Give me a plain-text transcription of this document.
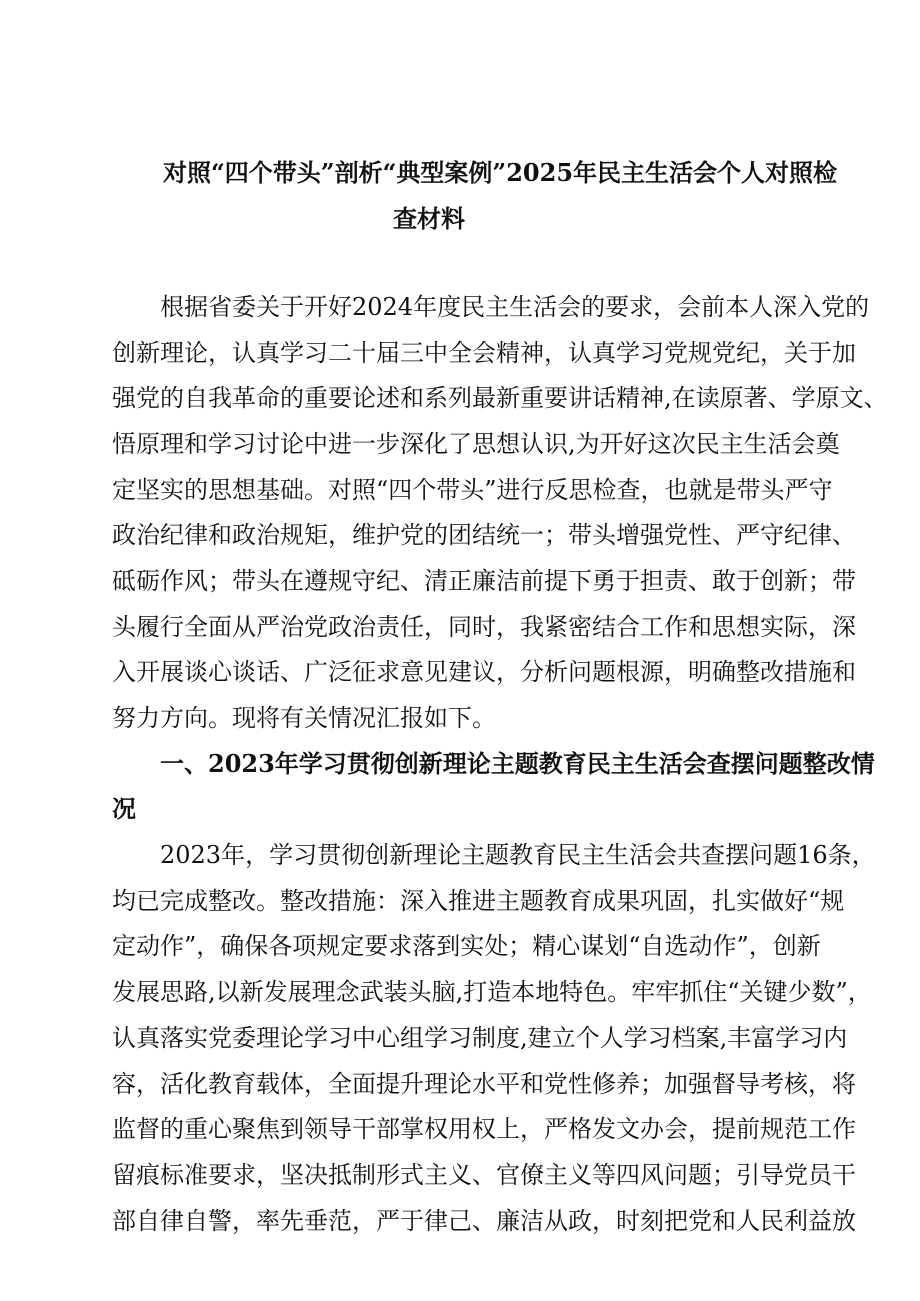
对照“四个带头”剖析“典型案例”2025年民主生活会个人对照检
查材料
根据省委关于开好2024年度民主生活会的要求，会前本人深入党的
创新理论，认真学习二十届三中全会精神，认真学习党规党纪，关于加
强党的自我革命的重要论述和系列最新重要讲话精神,在读原著、学原文、
悟原理和学习讨论中进一步深化了思想认识,为开好这次民主生活会奠
定坚实的思想基础。对照“四个带头”进行反思检查，也就是带头严守
政治纪律和政治规矩，维护党的团结统一；带头增强党性、严守纪律、
砥砺作风；带头在遵规守纪、清正廉洁前提下勇于担责、敢于创新；带
头履行全面从严治党政治责任，同时，我紧密结合工作和思想实际，深
入开展谈心谈话、广泛征求意见建议，分析问题根源，明确整改措施和
努力方向。现将有关情况汇报如下。
一、2023年学习贯彻创新理论主题教育民主生活会查摆问题整改情
况
2023年，学习贯彻创新理论主题教育民主生活会共查摆问题16条，
均已完成整改。整改措施：深入推进主题教育成果巩固，扎实做好“规
定动作”，确保各项规定要求落到实处；精心谋划“自选动作”，创新
发展思路,以新发展理念武装头脑,打造本地特色。牢牢抓住“关键少数”，
认真落实党委理论学习中心组学习制度,建立个人学习档案,丰富学习内
容，活化教育载体，全面提升理论水平和党性修养；加强督导考核，将
监督的重心聚焦到领导干部掌权用权上，严格发文办会，提前规范工作
留痕标准要求，坚决抵制形式主义、官僚主义等四风问题；引导党员干
部自律自警，率先垂范，严于律己、廉洁从政，时刻把党和人民利益放
